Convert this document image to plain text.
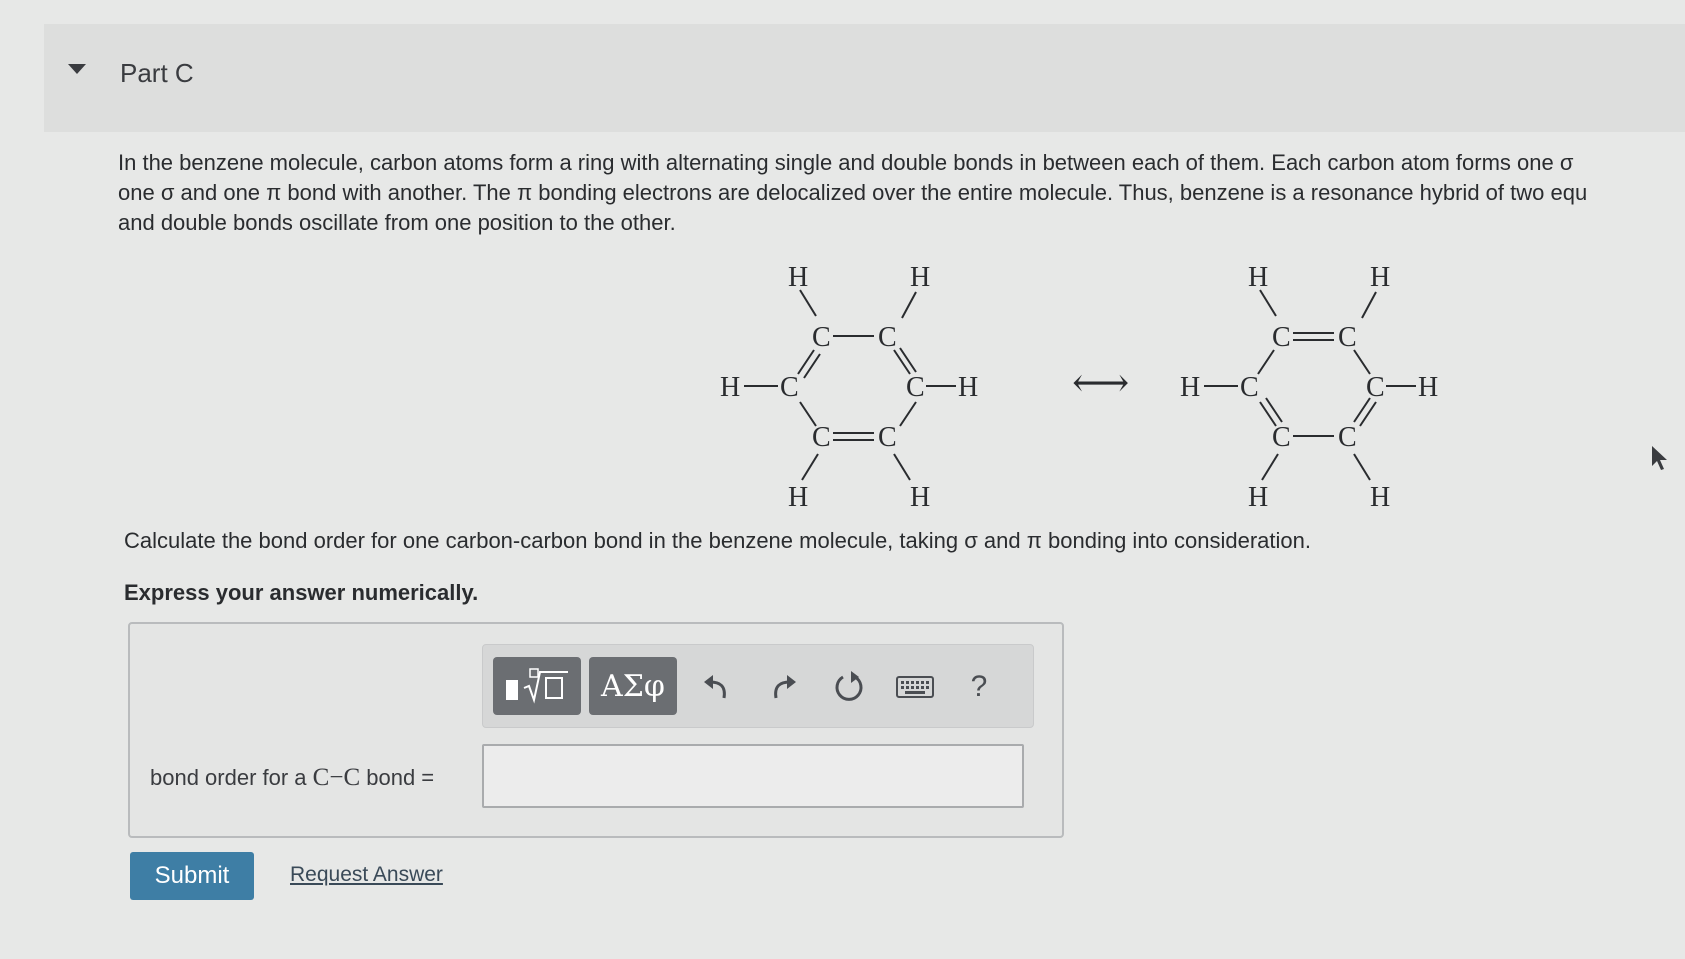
Part C

In the benzene molecule, carbon atoms form a ring with alternating single and double bonds in between each of them. Each carbon atom forms one σ

one σ and one π bond with another. The π bonding electrons are delocalized over the entire molecule. Thus, benzene is a resonance hybrid of two equ

and double bonds oscillate from one position to the other.

H	H
C C
H C	C H
C C
H	H
⟷
H	H
C C
H C	C H
C C
H	H
Calculate the bond order for one carbon-carbon bond in the benzene molecule, taking σ and π bonding into consideration.
Express your answer numerically.
ΑΣφ	?
bond order for a C−C bond =
Submit	Request Answer
